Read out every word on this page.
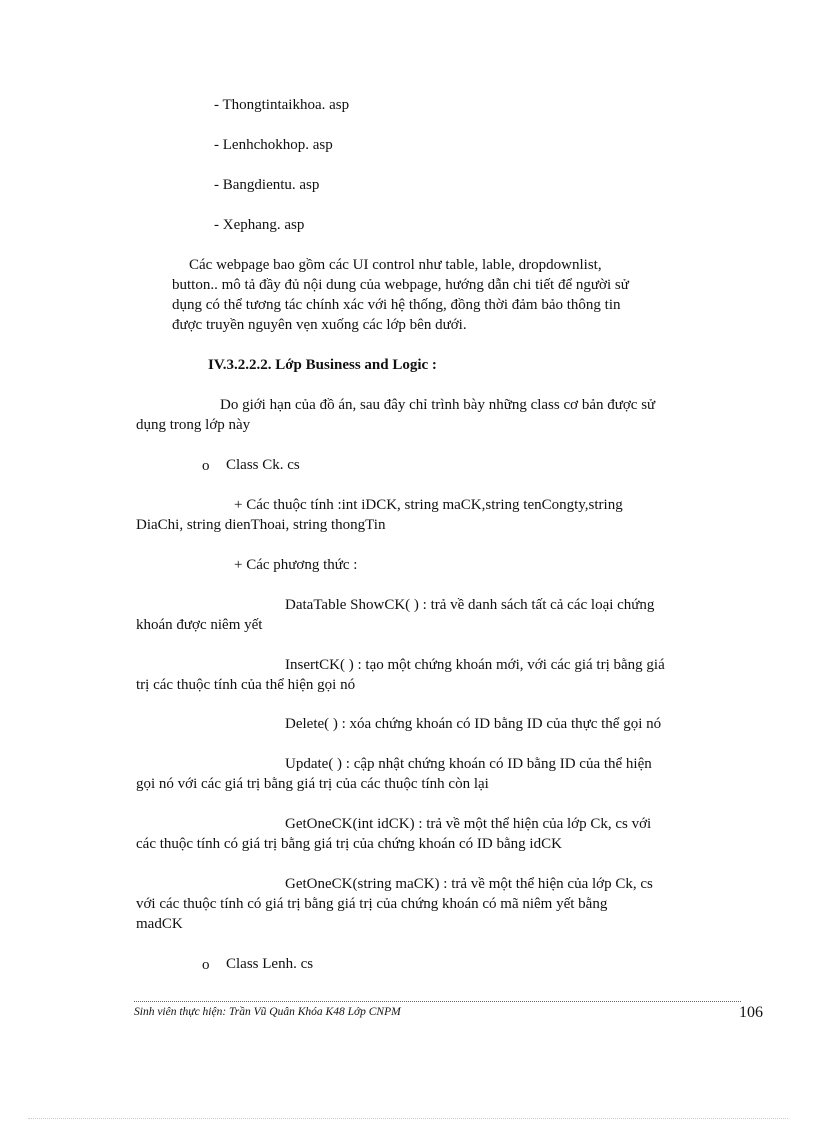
- Thongtintaikhoa. asp
- Lenhchokhop. asp
- Bangdientu. asp
- Xephang. asp
Các webpage bao gồm các UI control như table, lable, dropdownlist,
button.. mô tả đầy đủ nội dung của webpage, hướng dẫn chi tiết để người sử
dụng có thể tương tác chính xác với hệ thống, đồng thời đảm bảo thông tin
được truyền nguyên vẹn xuống các lớp bên dưới.
IV.3.2.2.2. Lớp Business and Logic :
Do giới hạn của đồ án, sau đây chỉ trình bày những class cơ bản được sử
dụng trong lớp này
o Class Ck. cs
+ Các thuộc tính :int iDCK, string maCK,string tenCongty,string
DiaChi, string dienThoai, string thongTin
+ Các phương thức :
DataTable ShowCK( ) : trả về danh sách tất cả các loại chứng
khoán được niêm yết
InsertCK( ) : tạo một chứng khoán mới, với các giá trị bằng giá
trị các thuộc tính của thể hiện gọi nó
Delete( ) : xóa chứng khoán có ID bằng ID của thực thể gọi nó
Update( ) : cập nhật chứng khoán có ID bằng ID của thể hiện
gọi nó với các giá trị bằng giá trị của các thuộc tính còn lại
GetOneCK(int idCK) : trả về một thể hiện của lớp Ck, cs với
các thuộc tính có giá trị bằng giá trị của chứng khoán có ID bằng idCK
GetOneCK(string maCK) : trả về một thể hiện của lớp Ck, cs
với các thuộc tính có giá trị bằng giá trị của chứng khoán có mã niêm yết bằng
madCK
o Class Lenh. cs
Sinh viên thực hiện: Trần Vũ Quân Khóa K48 Lớp CNPM	106
